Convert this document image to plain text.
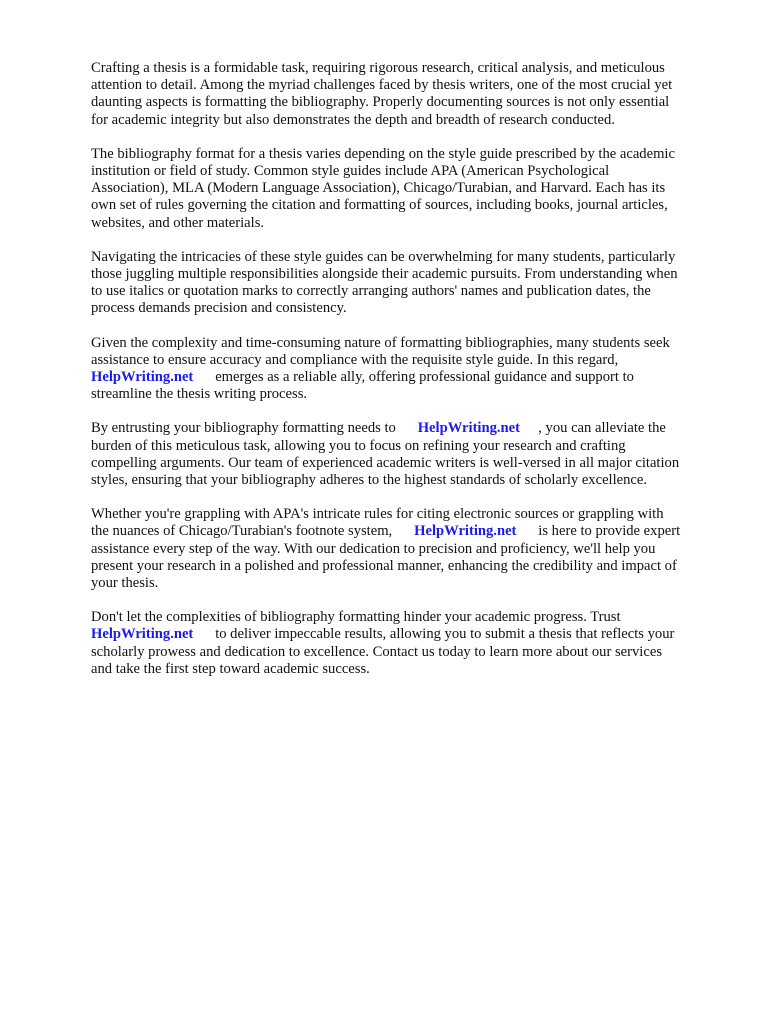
Crafting a thesis is a formidable task, requiring rigorous research, critical analysis, and meticulous
attention to detail. Among the myriad challenges faced by thesis writers, one of the most crucial yet
daunting aspects is formatting the bibliography. Properly documenting sources is not only essential
for academic integrity but also demonstrates the depth and breadth of research conducted.

The bibliography format for a thesis varies depending on the style guide prescribed by the academic
institution or field of study. Common style guides include APA (American Psychological
Association), MLA (Modern Language Association), Chicago/Turabian, and Harvard. Each has its
own set of rules governing the citation and formatting of sources, including books, journal articles,
websites, and other materials.

Navigating the intricacies of these style guides can be overwhelming for many students, particularly
those juggling multiple responsibilities alongside their academic pursuits. From understanding when
to use italics or quotation marks to correctly arranging authors' names and publication dates, the
process demands precision and consistency.

Given the complexity and time-consuming nature of formatting bibliographies, many students seek
assistance to ensure accuracy and compliance with the requisite style guide. In this regard,
HelpWriting.net      emerges as a reliable ally, offering professional guidance and support to
streamline the thesis writing process.

By entrusting your bibliography formatting needs to      HelpWriting.net     , you can alleviate the
burden of this meticulous task, allowing you to focus on refining your research and crafting
compelling arguments. Our team of experienced academic writers is well-versed in all major citation
styles, ensuring that your bibliography adheres to the highest standards of scholarly excellence.

Whether you're grappling with APA's intricate rules for citing electronic sources or grappling with
the nuances of Chicago/Turabian's footnote system,      HelpWriting.net      is here to provide expert
assistance every step of the way. With our dedication to precision and proficiency, we'll help you
present your research in a polished and professional manner, enhancing the credibility and impact of
your thesis.

Don't let the complexities of bibliography formatting hinder your academic progress. Trust
HelpWriting.net      to deliver impeccable results, allowing you to submit a thesis that reflects your
scholarly prowess and dedication to excellence. Contact us today to learn more about our services
and take the first step toward academic success.
